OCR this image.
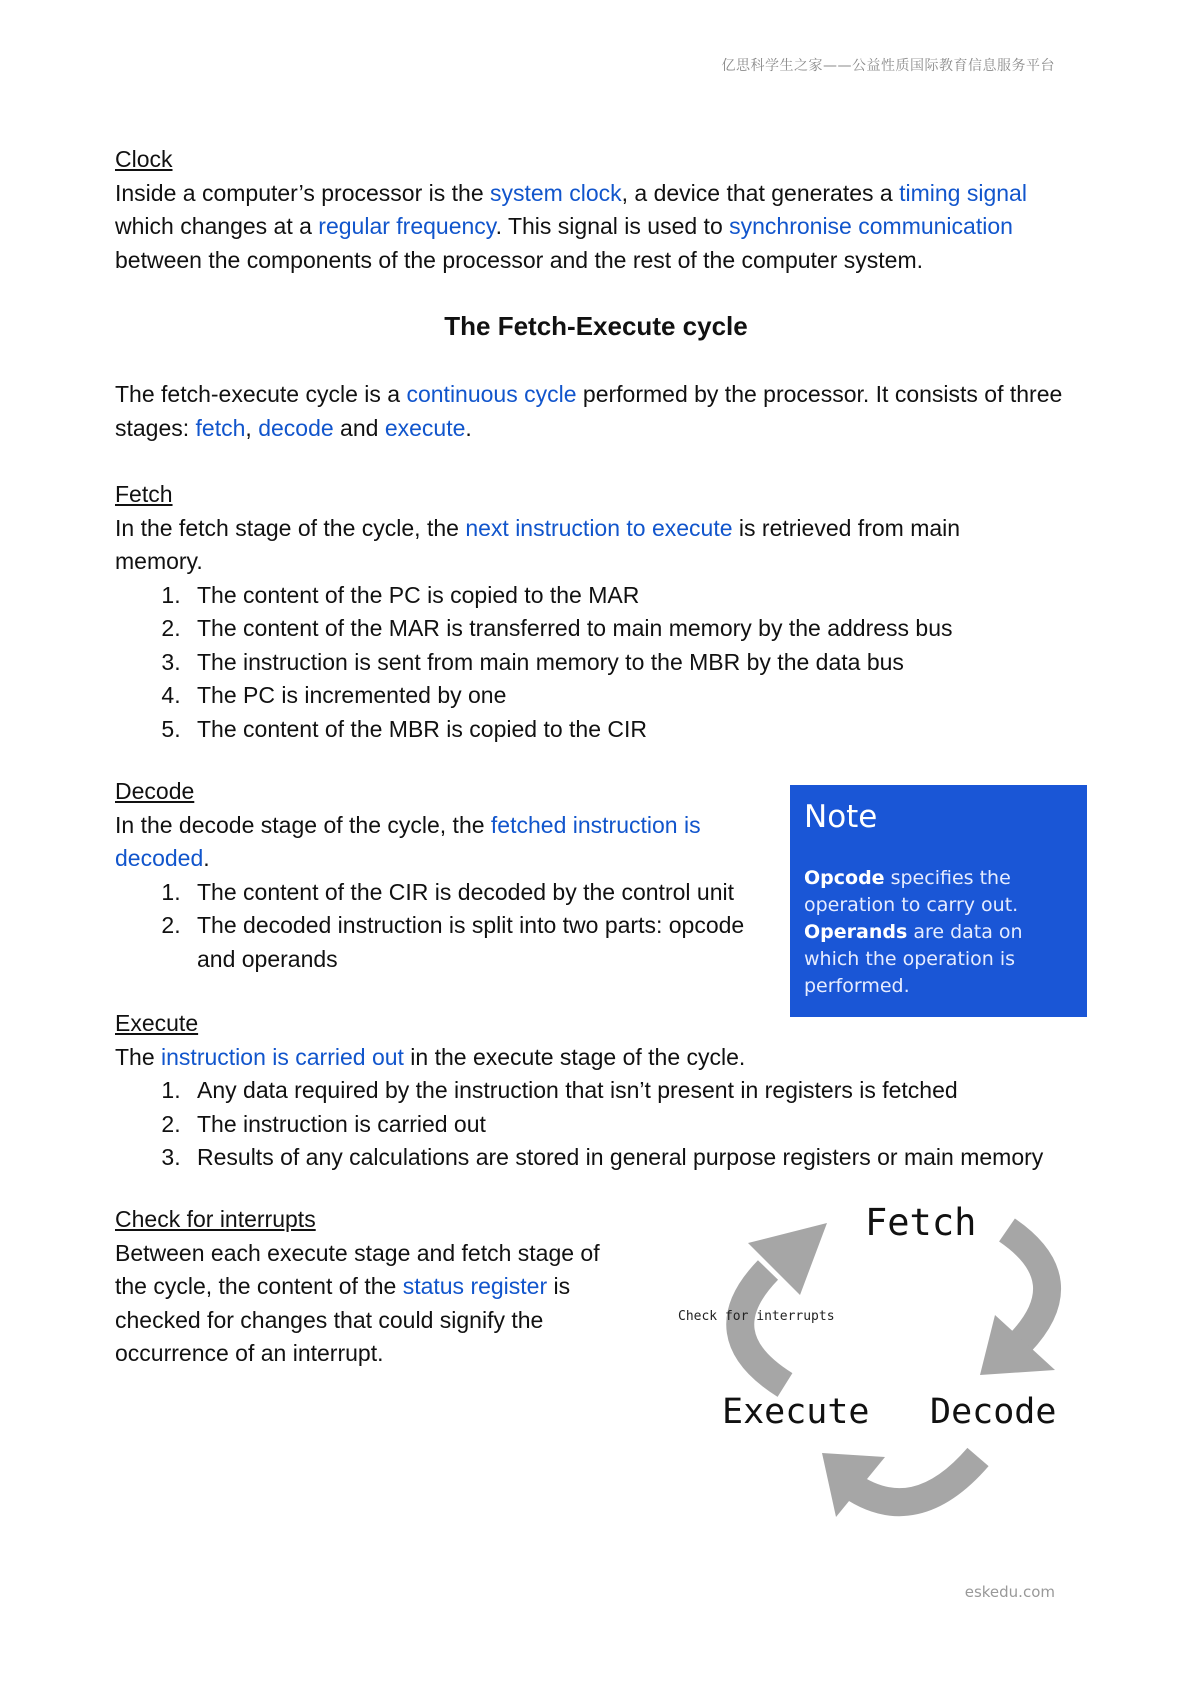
亿思科学生之家——公益性质国际教育信息服务平台
Clock

Inside a computer’s processor is the system clock, a device that generates a timing signal which changes at a regular frequency. This signal is used to synchronise communication between the components of the processor and the rest of the computer system.

The Fetch-Execute cycle

The fetch-execute cycle is a continuous cycle performed by the processor. It consists of three stages: fetch, decode and execute.

Fetch

In the fetch stage of the cycle, the next instruction to execute is retrieved from main memory.

1. The content of the PC is copied to the MAR
2. The content of the MAR is transferred to main memory by the address bus
3. The instruction is sent from main memory to the MBR by the data bus
4. The PC is incremented by one
5. The content of the MBR is copied to the CIR
Decode

In the decode stage of the cycle, the fetched instruction is decoded.

1. The content of the CIR is decoded by the control unit
2. The decoded instruction is split into two parts: opcode and operands
Note
Opcode specifies the operation to carry out. Operands are data on which the operation is performed.
Execute

The instruction is carried out in the execute stage of the cycle.

1. Any data required by the instruction that isn’t present in registers is fetched
2. The instruction is carried out
3. Results of any calculations are stored in general purpose registers or main memory
Check for interrupts

Between each execute stage and fetch stage of the cycle, the content of the status register is checked for changes that could signify the occurrence of an interrupt.

Fetch
Decode
Execute
Check for interrupts
eskedu.com
